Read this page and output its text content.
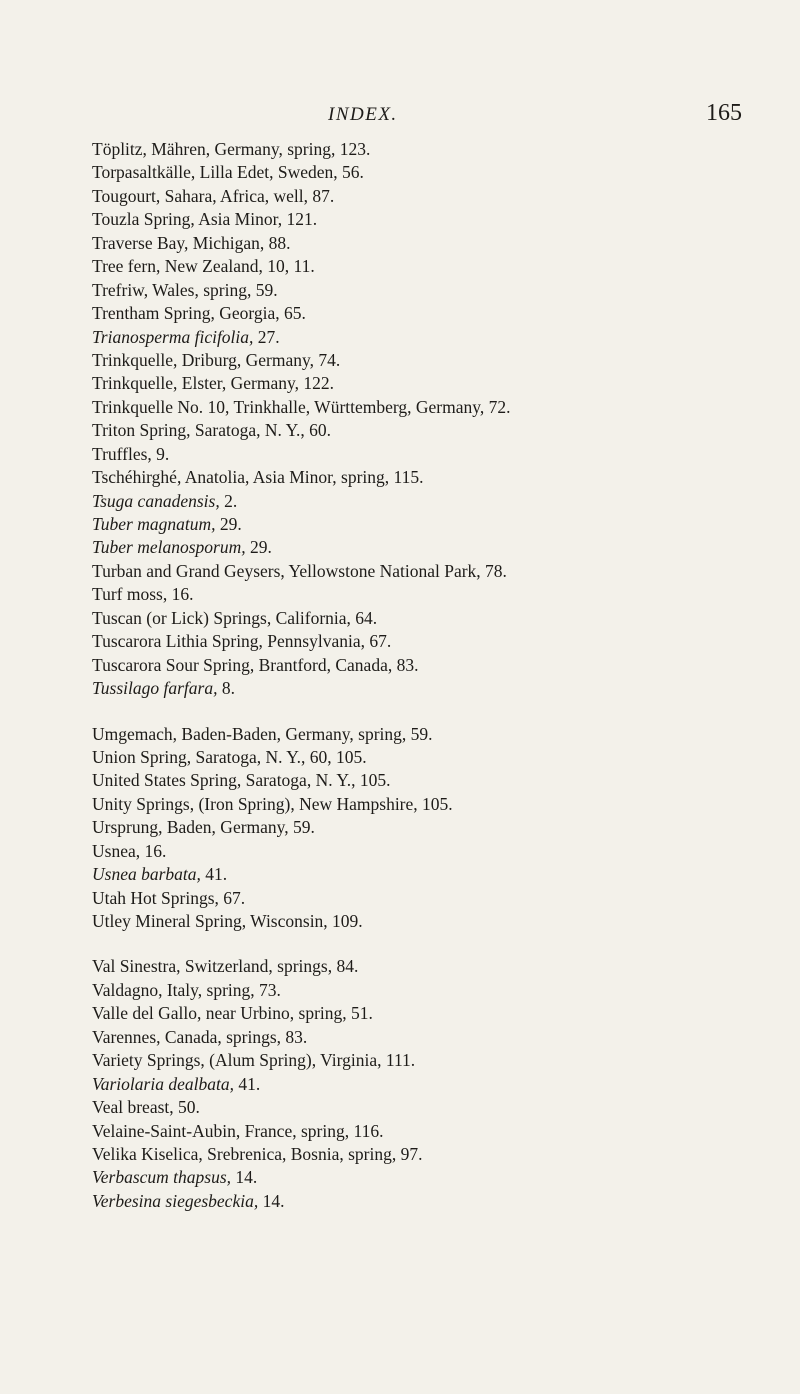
INDEX.	165
Töplitz, Mähren, Germany, spring, 123.
Torpasaltkälle, Lilla Edet, Sweden, 56.
Tougourt, Sahara, Africa, well, 87.
Touzla Spring, Asia Minor, 121.
Traverse Bay, Michigan, 88.
Tree fern, New Zealand, 10, 11.
Trefriw, Wales, spring, 59.
Trentham Spring, Georgia, 65.
Trianosperma ficifolia, 27.
Trinkquelle, Driburg, Germany, 74.
Trinkquelle, Elster, Germany, 122.
Trinkquelle No. 10, Trinkhalle, Württemberg, Germany, 72.
Triton Spring, Saratoga, N. Y., 60.
Truffles, 9.
Tschéhirghé, Anatolia, Asia Minor, spring, 115.
Tsuga canadensis, 2.
Tuber magnatum, 29.
Tuber melanosporum, 29.
Turban and Grand Geysers, Yellowstone National Park, 78.
Turf moss, 16.
Tuscan (or Lick) Springs, California, 64.
Tuscarora Lithia Spring, Pennsylvania, 67.
Tuscarora Sour Spring, Brantford, Canada, 83.
Tussilago farfara, 8.
Umgemach, Baden-Baden, Germany, spring, 59.
Union Spring, Saratoga, N. Y., 60, 105.
United States Spring, Saratoga, N. Y., 105.
Unity Springs, (Iron Spring), New Hampshire, 105.
Ursprung, Baden, Germany, 59.
Usnea, 16.
Usnea barbata, 41.
Utah Hot Springs, 67.
Utley Mineral Spring, Wisconsin, 109.
Val Sinestra, Switzerland, springs, 84.
Valdagno, Italy, spring, 73.
Valle del Gallo, near Urbino, spring, 51.
Varennes, Canada, springs, 83.
Variety Springs, (Alum Spring), Virginia, 111.
Variolaria dealbata, 41.
Veal breast, 50.
Velaine-Saint-Aubin, France, spring, 116.
Velika Kiselica, Srebrenica, Bosnia, spring, 97.
Verbascum thapsus, 14.
Verbesina siegesbeckia, 14.
